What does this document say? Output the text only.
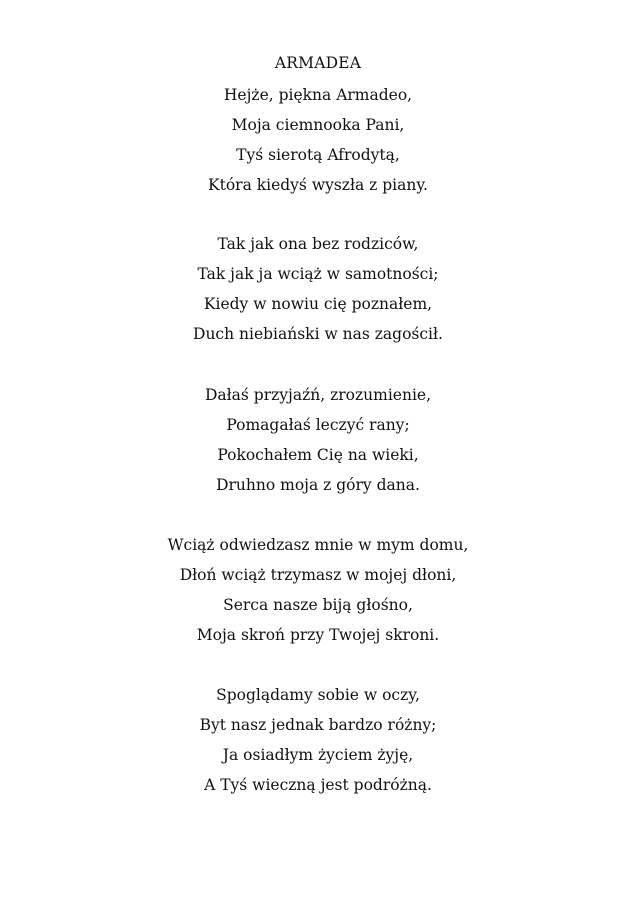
ARMADEA
Hejże, piękna Armadeo,
Moja ciemnooka Pani,
Tyś sierotą Afrodytą,
Która kiedyś wyszła z piany.
Tak jak ona bez rodziców,
Tak jak ja wciąż w samotności;
Kiedy w nowiu cię poznałem,
Duch niebiański w nas zagościł.
Dałaś przyjaźń, zrozumienie,
Pomagałaś leczyć rany;
Pokochałem Cię na wieki,
Druhno moja z góry dana.
Wciąż odwiedzasz mnie w mym domu,
Dłoń wciąż trzymasz w mojej dłoni,
Serca nasze biją głośno,
Moja skroń przy Twojej skroni.
Spoglądamy sobie w oczy,
Byt nasz jednak bardzo różny;
Ja osiadłym życiem żyję,
A Tyś wieczną jest podróżną.
